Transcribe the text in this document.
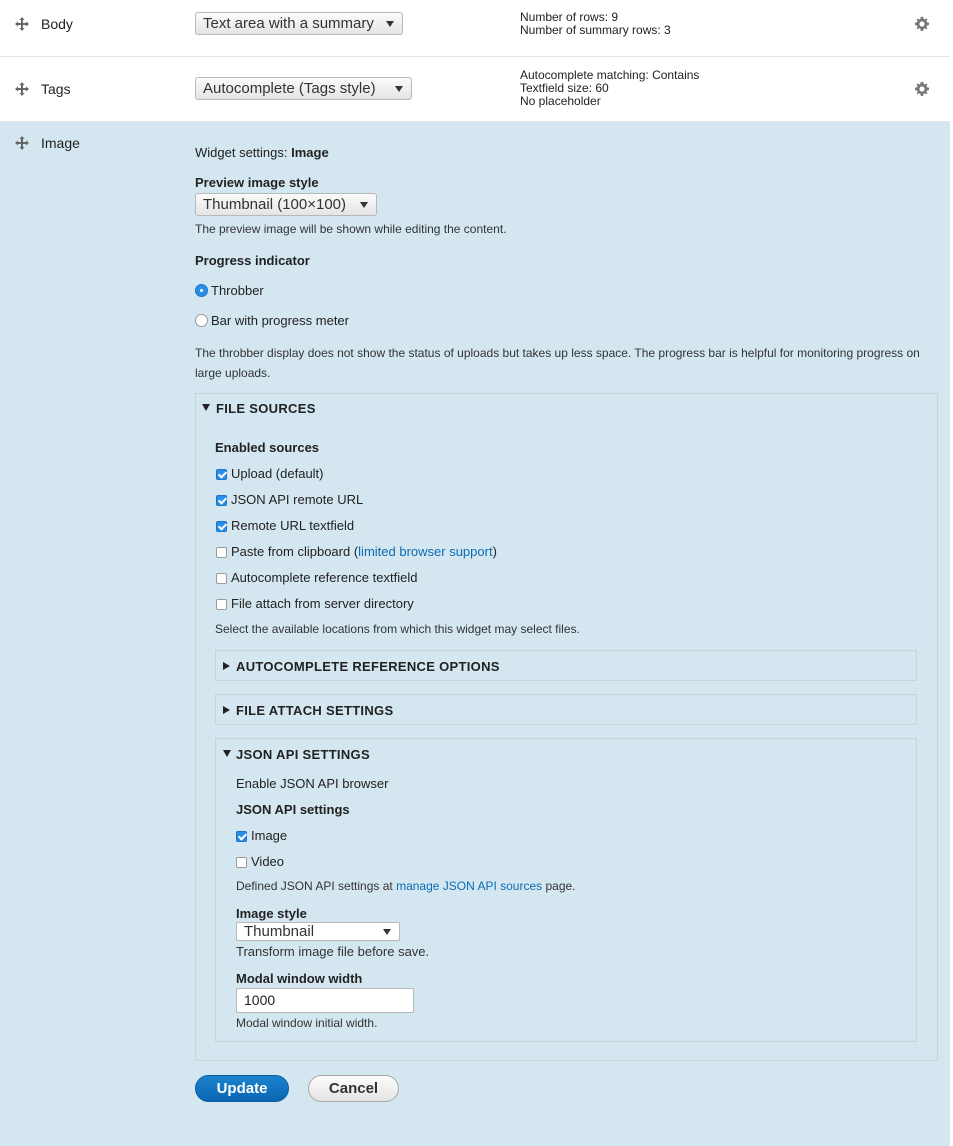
Body	Text area with a summary	Number of rows: 9
Number of summary rows: 3
Tags	Autocomplete (Tags style)
Autocomplete matching: Contains
Textfield size: 60
No placeholder
Image
Widget settings: Image
Preview image style
Thumbnail (100×100)
The preview image will be shown while editing the content.
Progress indicator
Throbber
Bar with progress meter
The throbber display does not show the status of uploads but takes up less space. The progress bar is helpful for monitoring progress on
large uploads.
FILE SOURCES
Enabled sources
Upload (default)
JSON API remote URL
Remote URL textfield
Paste from clipboard (limited browser support)
Autocomplete reference textfield
File attach from server directory
Select the available locations from which this widget may select files.
AUTOCOMPLETE REFERENCE OPTIONS
FILE ATTACH SETTINGS
JSON API SETTINGS
Enable JSON API browser
JSON API settings
Image
Video
Defined JSON API settings at manage JSON API sources page.
Image style
Thumbnail
Transform image file before save.
Modal window width
1000
Modal window initial width.
Update	Cancel
